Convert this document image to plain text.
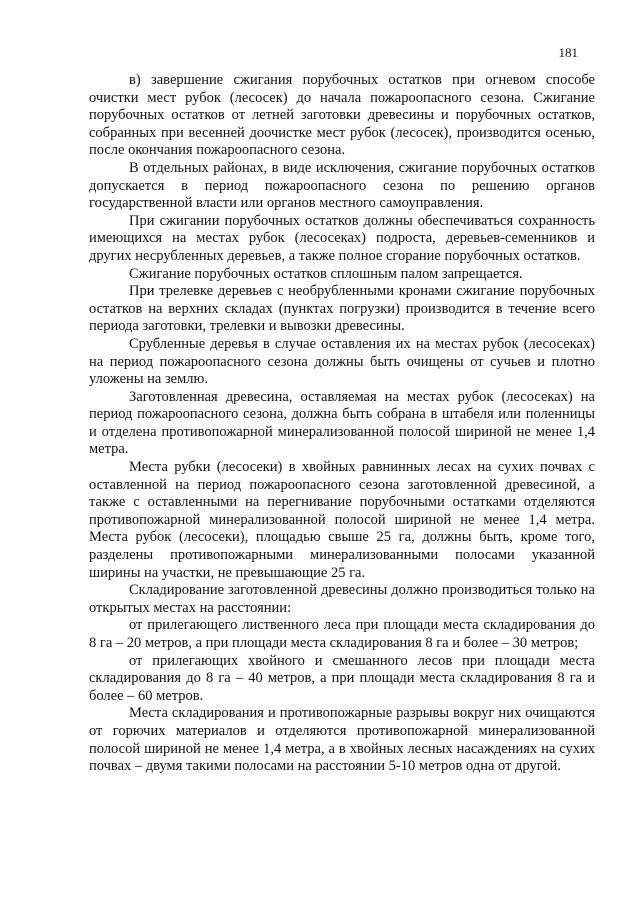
181

в) завершение сжигания порубочных остатков при огневом способе очистки мест рубок (лесосек) до начала пожароопасного сезона. Сжигание порубочных остатков от летней заготовки древесины и порубочных остатков, собранных при весенней доочистке мест рубок (лесосек), производится осенью, после окончания пожароопасного сезона.

В отдельных районах, в виде исключения, сжигание порубочных остатков допускается в период пожароопасного сезона по решению органов государственной власти или органов местного самоуправления.

При сжигании порубочных остатков должны обеспечиваться сохранность имеющихся на местах рубок (лесосеках) подроста, деревьев-семенников и других несрубленных деревьев, а также полное сгорание порубочных остатков.

Сжигание порубочных остатков сплошным палом запрещается.

При трелевке деревьев с необрубленными кронами сжигание порубочных остатков на верхних складах (пунктах погрузки) производится в течение всего периода заготовки, трелевки и вывозки древесины.

Срубленные деревья в случае оставления их на местах рубок (лесосеках) на период пожароопасного сезона должны быть очищены от сучьев и плотно уложены на землю.

Заготовленная древесина, оставляемая на местах рубок (лесосеках) на период пожароопасного сезона, должна быть собрана в штабеля или поленницы и отделена противопожарной минерализованной полосой шириной не менее 1,4 метра.

Места рубки (лесосеки) в хвойных равнинных лесах на сухих почвах с оставленной на период пожароопасного сезона заготовленной древесиной, а также с оставленными на перегнивание порубочными остатками отделяются противопожарной минерализованной полосой шириной не менее 1,4 метра. Места рубок (лесосеки), площадью свыше 25 га, должны быть, кроме того, разделены противопожарными минерализованными полосами указанной ширины на участки, не превышающие 25 га.

Складирование заготовленной древесины должно производиться только на открытых местах на расстоянии:

от прилегающего лиственного леса при площади места складирования до 8 га – 20 метров, а при площади места складирования 8 га и более – 30 метров;

от прилегающих хвойного и смешанного лесов при площади места складирования до 8 га – 40 метров, а при площади места складирования 8 га и более – 60 метров.

Места складирования и противопожарные разрывы вокруг них очищаются от горючих материалов и отделяются противопожарной минерализованной полосой шириной не менее 1,4 метра, а в хвойных лесных насаждениях на сухих почвах – двумя такими полосами на расстоянии 5-10 метров одна от другой.
